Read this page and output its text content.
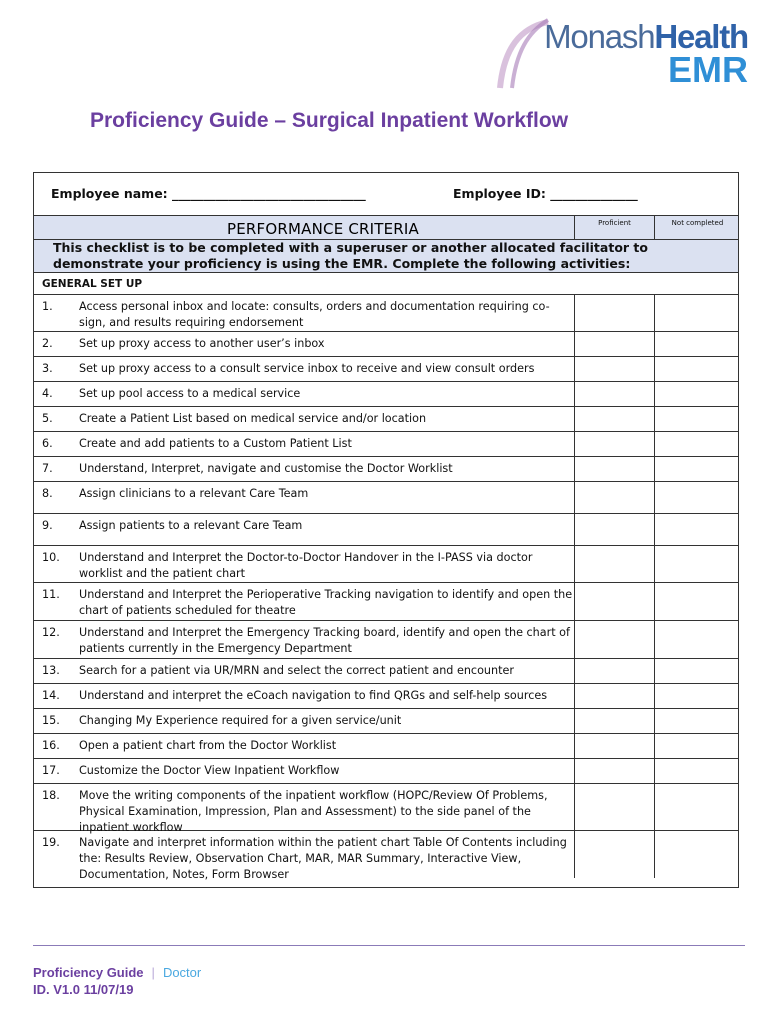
MonashHealth
EMR
Proficiency Guide – Surgical Inpatient Workflow
Employee name: _______________________________	Employee ID: ______________
PERFORMANCE CRITERIA	Proficient	Not completed
This checklist is to be completed with a superuser or another allocated facilitator to demonstrate your proficiency is using the EMR. Complete the following activities:
GENERAL SET UP
1. Access personal inbox and locate: consults, orders and documentation requiring co-sign, and results requiring endorsement
2. Set up proxy access to another user’s inbox
3. Set up proxy access to a consult service inbox to receive and view consult orders
4. Set up pool access to a medical service
5. Create a Patient List based on medical service and/or location
6. Create and add patients to a Custom Patient List
7. Understand, Interpret, navigate and customise the Doctor Worklist
8. Assign clinicians to a relevant Care Team
9. Assign patients to a relevant Care Team
10. Understand and Interpret the Doctor-to-Doctor Handover in the I-PASS via doctor worklist and the patient chart
11. Understand and Interpret the Perioperative Tracking navigation to identify and open the chart of patients scheduled for theatre
12. Understand and Interpret the Emergency Tracking board, identify and open the chart of patients currently in the Emergency Department
13. Search for a patient via UR/MRN and select the correct patient and encounter
14. Understand and interpret the eCoach navigation to find QRGs and self-help sources
15. Changing My Experience required for a given service/unit
16. Open a patient chart from the Doctor Worklist
17. Customize the Doctor View Inpatient Workflow
18. Move the writing components of the inpatient workflow (HOPC/Review Of Problems, Physical Examination, Impression, Plan and Assessment) to the side panel of the inpatient workflow
19. Navigate and interpret information within the patient chart Table Of Contents including the: Results Review, Observation Chart, MAR, MAR Summary, Interactive View, Documentation, Notes, Form Browser
Proficiency Guide | Doctor
ID. V1.0 11/07/19
